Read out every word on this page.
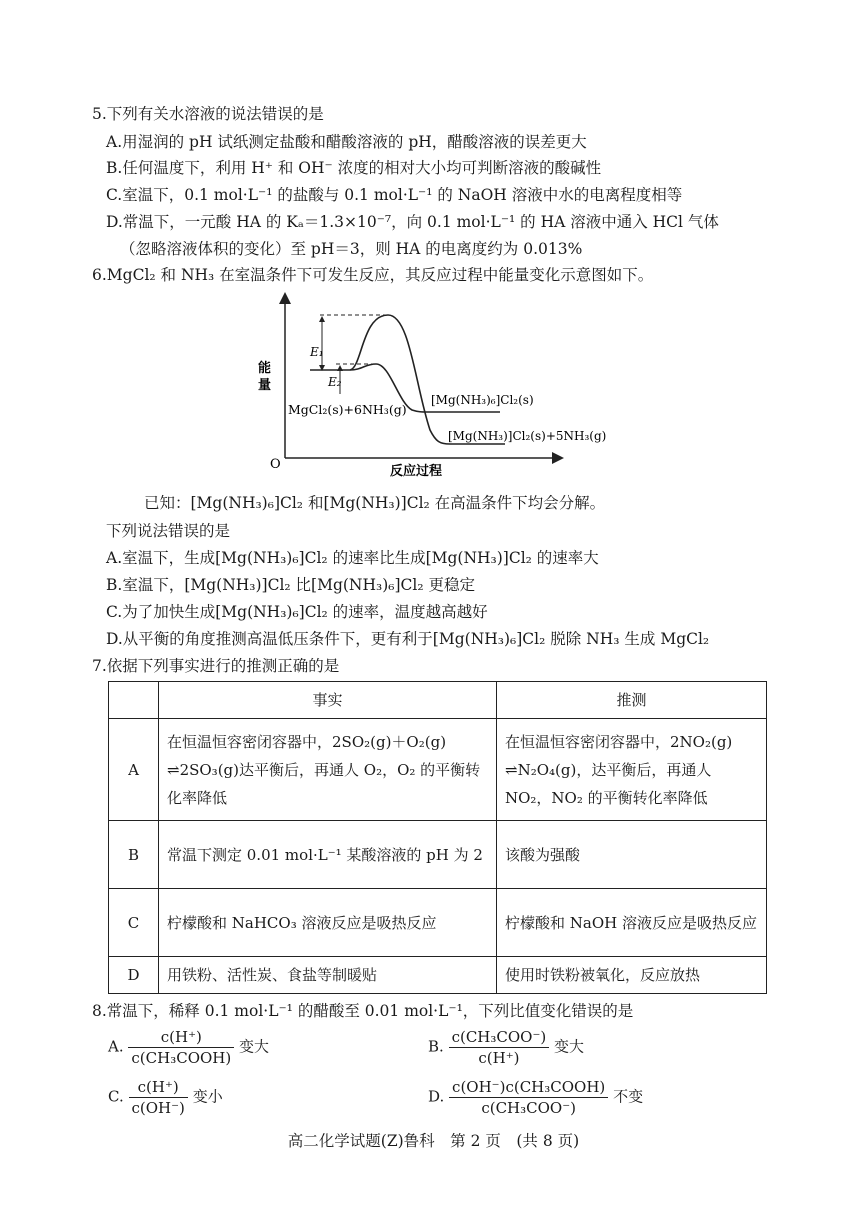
5.下列有关水溶液的说法错误的是
A.用湿润的 pH 试纸测定盐酸和醋酸溶液的 pH，醋酸溶液的误差更大
B.任何温度下，利用 H⁺ 和 OH⁻ 浓度的相对大小均可判断溶液的酸碱性
C.室温下，0.1 mol·L⁻¹ 的盐酸与 0.1 mol·L⁻¹ 的 NaOH 溶液中水的电离程度相等
D.常温下，一元酸 HA 的 Kₐ＝1.3×10⁻⁷，向 0.1 mol·L⁻¹ 的 HA 溶液中通入 HCl 气体
（忽略溶液体积的变化）至 pH＝3，则 HA 的电离度约为 0.013%
6.MgCl₂ 和 NH₃ 在室温条件下可发生反应，其反应过程中能量变化示意图如下。
能
量
E₁
E₂
MgCl₂(s)+6NH₃(g)
[Mg(NH₃)₆]Cl₂(s)
[Mg(NH₃)]Cl₂(s)+5NH₃(g)
O	反应过程
已知：[Mg(NH₃)₆]Cl₂ 和[Mg(NH₃)]Cl₂ 在高温条件下均会分解。
下列说法错误的是
A.室温下，生成[Mg(NH₃)₆]Cl₂ 的速率比生成[Mg(NH₃)]Cl₂ 的速率大
B.室温下，[Mg(NH₃)]Cl₂ 比[Mg(NH₃)₆]Cl₂ 更稳定
C.为了加快生成[Mg(NH₃)₆]Cl₂ 的速率，温度越高越好
D.从平衡的角度推测高温低压条件下，更有利于[Mg(NH₃)₆]Cl₂ 脱除 NH₃ 生成 MgCl₂
7.依据下列事实进行的推测正确的是
	事实	推测
A	在恒温恒容密闭容器中，2SO₂(g)＋O₂(g) ⇌2SO₃(g)达平衡后，再通人 O₂，O₂ 的平衡转化率降低	在恒温恒容密闭容器中，2NO₂(g) ⇌N₂O₄(g)，达平衡后，再通人 NO₂，NO₂ 的平衡转化率降低
B	常温下测定 0.01 mol·L⁻¹ 某酸溶液的 pH 为 2	该酸为强酸
C	柠檬酸和 NaHCO₃ 溶液反应是吸热反应	柠檬酸和 NaOH 溶液反应是吸热反应
D	用铁粉、活性炭、食盐等制暖贴	使用时铁粉被氧化，反应放热
8.常温下，稀释 0.1 mol·L⁻¹ 的醋酸至 0.01 mol·L⁻¹，下列比值变化错误的是
A. $\frac{c(H^+)}{\text{c(CH₃COOH)}}$ 变大	B. $\frac{\text{c(CH₃COO⁻)}}{c(H^+)}$ 变大
C. $\frac{c(H^+)}{c(OH^-)}$ 变小	D. $\frac{\text{c(OH⁻)c(CH₃COOH)}}{\text{c(CH₃COO⁻)}}$ 不变
高二化学试题(Z)鲁科　第 2 页　(共 8 页)
